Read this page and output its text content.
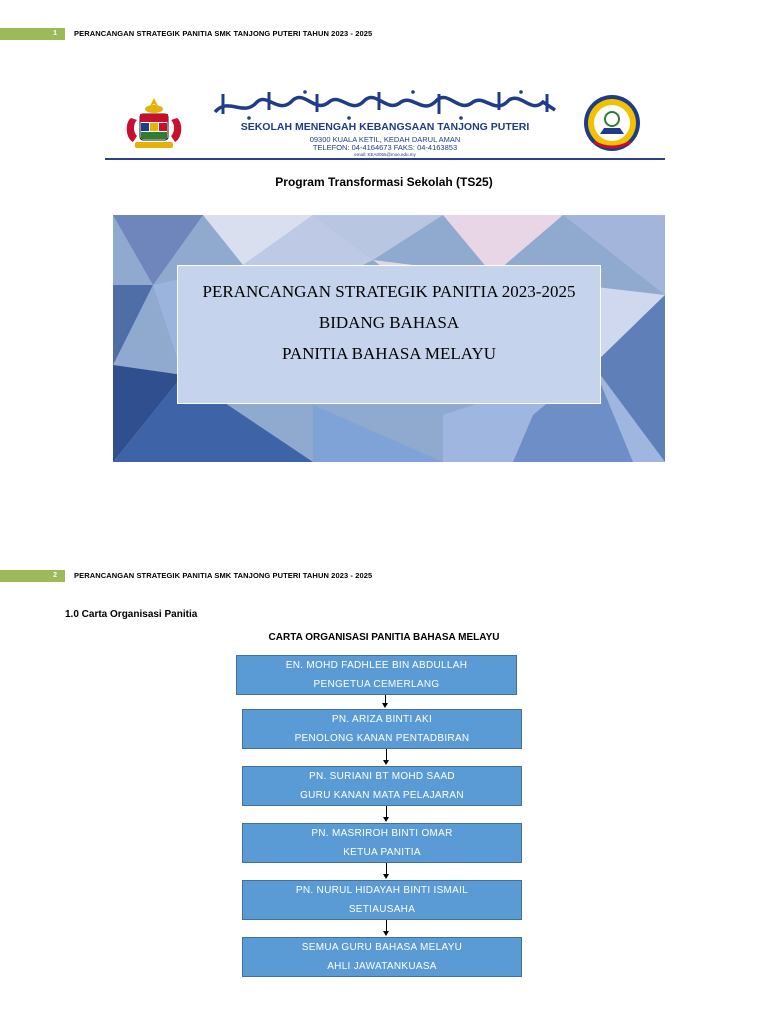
1	PERANCANGAN STRATEGIK PANITIA SMK TANJONG PUTERI TAHUN 2023 - 2025
SEKOLAH MENENGAH KEBANGSAAN TANJONG PUTERI
09300 KUALA KETIL, KEDAH DARUL AMAN
TELEFON: 04-4164673 FAKS: 04-4163853
email: KEA0065@moe.edu.my
Program Transformasi Sekolah (TS25)
PERANCANGAN STRATEGIK PANITIA 2023-2025
BIDANG BAHASA
PANITIA BAHASA MELAYU
2	PERANCANGAN STRATEGIK PANITIA SMK TANJONG PUTERI TAHUN 2023 - 2025
1.0 Carta Organisasi Panitia
CARTA ORGANISASI PANITIA BAHASA MELAYU
EN. MOHD FADHLEE BIN ABDULLAH
PENGETUA CEMERLANG
PN. ARIZA BINTI AKI
PENOLONG KANAN PENTADBIRAN
PN. SURIANI BT MOHD SAAD
GURU KANAN MATA PELAJARAN
PN. MASRIROH BINTI OMAR
KETUA PANITIA
PN. NURUL HIDAYAH BINTI ISMAIL
SETIAUSAHA
SEMUA GURU BAHASA MELAYU
AHLI JAWATANKUASA
